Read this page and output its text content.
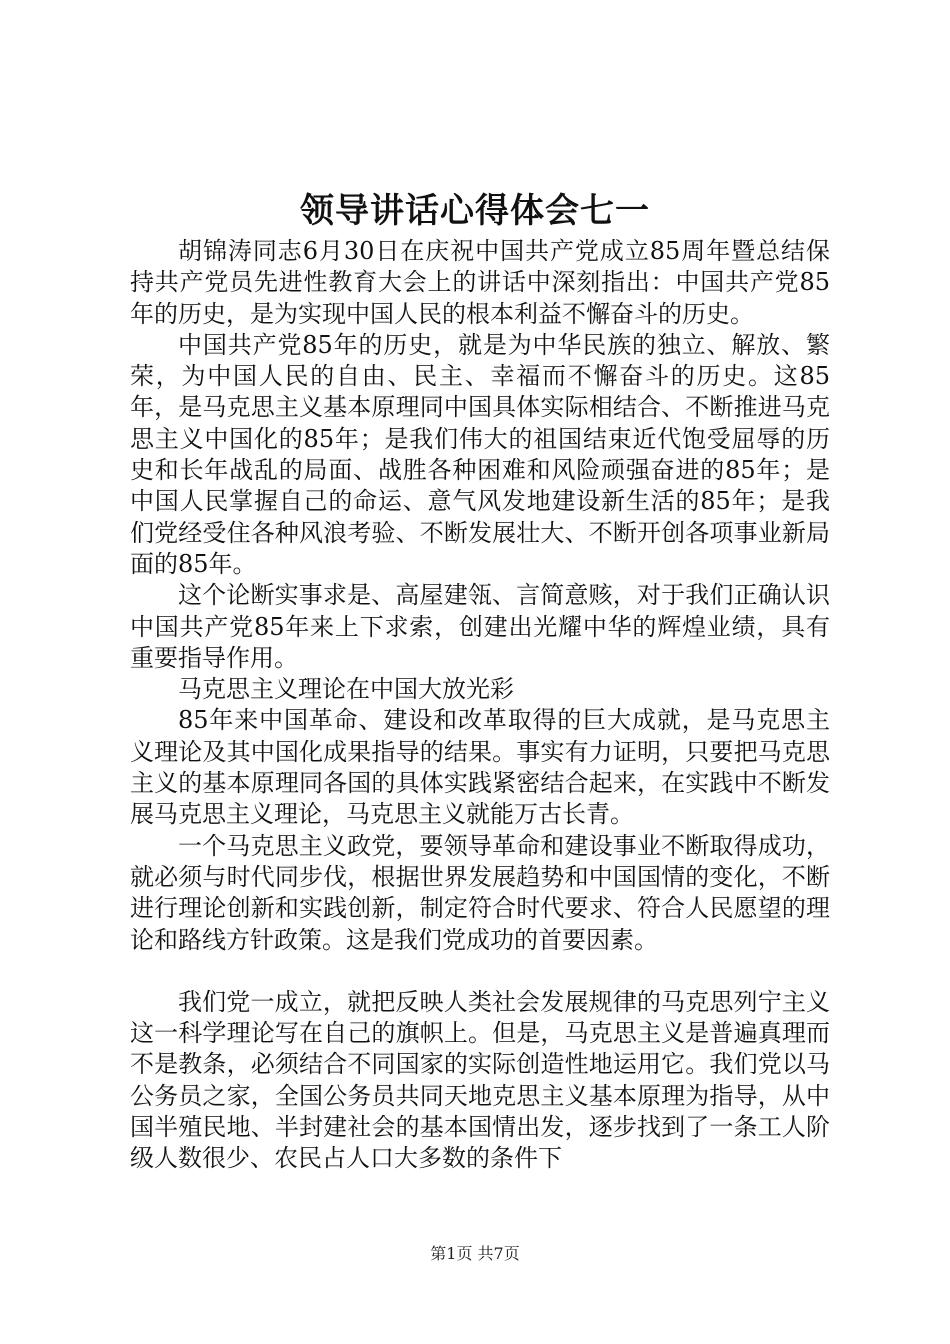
领导讲话心得体会七一

胡锦涛同志6月30日在庆祝中国共产党成立85周年暨总结保持共产党员先进性教育大会上的讲话中深刻指出：中国共产党85年的历史，是为实现中国人民的根本利益不懈奋斗的历史。

中国共产党85年的历史，就是为中华民族的独立、解放、繁荣，为中国人民的自由、民主、幸福而不懈奋斗的历史。这85年，是马克思主义基本原理同中国具体实际相结合、不断推进马克思主义中国化的85年；是我们伟大的祖国结束近代饱受屈辱的历史和长年战乱的局面、战胜各种困难和风险顽强奋进的85年；是中国人民掌握自己的命运、意气风发地建设新生活的85年；是我们党经受住各种风浪考验、不断发展壮大、不断开创各项事业新局面的85年。

这个论断实事求是、高屋建瓴、言简意赅，对于我们正确认识中国共产党85年来上下求索，创建出光耀中华的辉煌业绩，具有重要指导作用。

马克思主义理论在中国大放光彩

85年来中国革命、建设和改革取得的巨大成就，是马克思主义理论及其中国化成果指导的结果。事实有力证明，只要把马克思主义的基本原理同各国的具体实践紧密结合起来，在实践中不断发展马克思主义理论，马克思主义就能万古长青。

一个马克思主义政党，要领导革命和建设事业不断取得成功，就必须与时代同步伐，根据世界发展趋势和中国国情的变化，不断进行理论创新和实践创新，制定符合时代要求、符合人民愿望的理论和路线方针政策。这是我们党成功的首要因素。

我们党一成立，就把反映人类社会发展规律的马克思列宁主义这一科学理论写在自己的旗帜上。但是，马克思主义是普遍真理而不是教条，必须结合不同国家的实际创造性地运用它。我们党以马公务员之家，全国公务员共同天地克思主义基本原理为指导，从中国半殖民地、半封建社会的基本国情出发，逐步找到了一条工人阶级人数很少、农民占人口大多数的条件下

第1页 共7页
